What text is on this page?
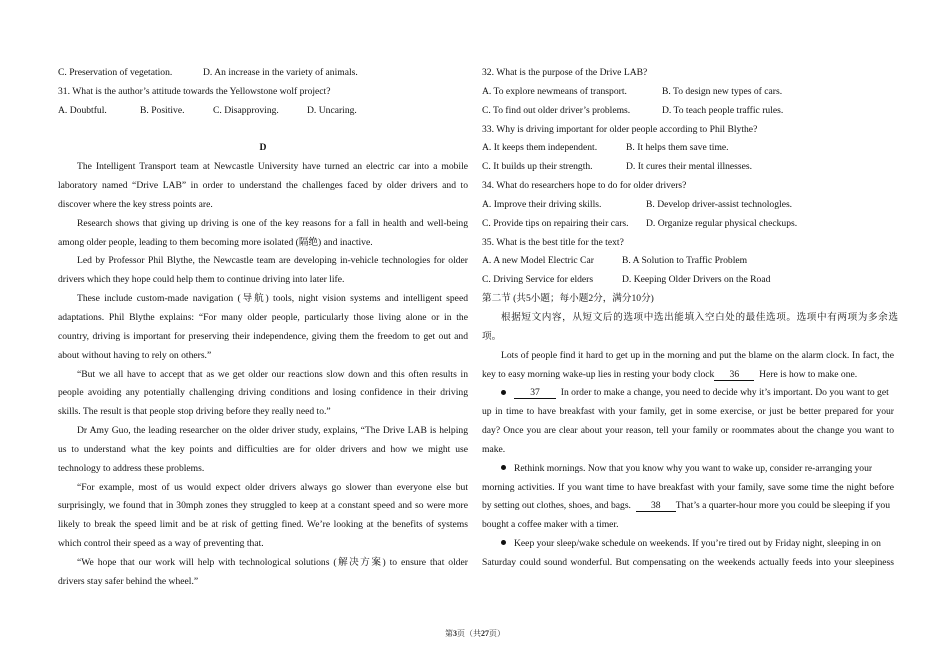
C. Preservation of vegetation.	D. An increase in the variety of animals.
31. What is the author’s attitude towards the Yellowstone wolf project?
A. Doubtful.	B. Positive.	C. Disapproving.	D. Uncaring.
D
The Intelligent Transport team at Newcastle University have turned an electric car into a mobile
laboratory named “Drive LAB” in order to understand the challenges faced by older drivers and to
discover where the key stress points are.
Research shows that giving up driving is one of the key reasons for a fall in health and well-being
among older people, leading to them becoming more isolated (隔绝) and inactive.
Led by Professor Phil Blythe, the Newcastle team are developing in-vehicle technologies for older
drivers which they hope could help them to continue driving into later life.
These include custom-made navigation (导航) tools, night vision systems and intelligent speed
adaptations. Phil Blythe explains: “For many older people, particularly those living alone or in the
country, driving is important for preserving their independence, giving them the freedom to get out and
about without having to rely on others.”
“But we all have to accept that as we get older our reactions slow down and this often results in
people avoiding any potentially challenging driving conditions and losing confidence in their driving
skills. The result is that people stop driving before they really need to.”
Dr Amy Guo, the leading researcher on the older driver study, explains, “The Drive LAB is helping
us to understand what the key points and difficulties are for older drivers and how we might use
technology to address these problems.
“For example, most of us would expect older drivers always go slower than everyone else but
surprisingly, we found that in 30mph zones they struggled to keep at a constant speed and so were more
likely to break the speed limit and be at risk of getting fined. We’re looking at the benefits of systems
which control their speed as a way of preventing that.
“We hope that our work will help with technological solutions (解决方案) to ensure that older
drivers stay safer behind the wheel.”
32. What is the purpose of the Drive LAB?
A. To explore newmeans of transport.	B. To design new types of cars.
C. To find out older driver’s problems.	D. To teach people traffic rules.
33. Why is driving important for older people according to Phil Blythe?
A. It keeps them independent.	B. It helps them save time.
C. It builds up their strength.	D. It cures their mental illnesses.
34. What do researchers hope to do for older drivers?
A. Improve their driving skills.	B. Develop driver-assist technologles.
C. Provide tips on repairing their cars.	D. Organize regular physical checkups.
35. What is the best title for the text?
A. A new Model Electric Car	B. A Solution to Traffic Problem
C. Driving Service for elders	D. Keeping Older Drivers on the Road
第二节 (共5小题；每小题2分，满分10分)
根据短文内容，从短文后的选项中选出能填入空白处的最佳选项。选项中有两项为多余选
项。
Lots of people find it hard to get up in the morning and put the blame on the alarm clock. In fact, the
key to easy morning wake-up lies in resting your body clock 36 Here is how to make one.
37 In order to make a change, you need to decide why it’s important. Do you want to get
up in time to have breakfast with your family, get in some exercise, or just be better prepared for your
day? Once you are clear about your reason, tell your family or roommates about the change you want to
make.
Rethink mornings. Now that you know why you want to wake up, consider re-arranging your
morning activities. If you want time to have breakfast with your family, save some time the night before
by setting out clothes, shoes, and bags. 38 That’s a quarter-hour more you could be sleeping if you
bought a coffee maker with a timer.
Keep your sleep/wake schedule on weekends. If you’re tired out by Friday night, sleeping in on
Saturday could sound wonderful. But compensating on the weekends actually feeds into your sleepiness
第3页（共27页）
